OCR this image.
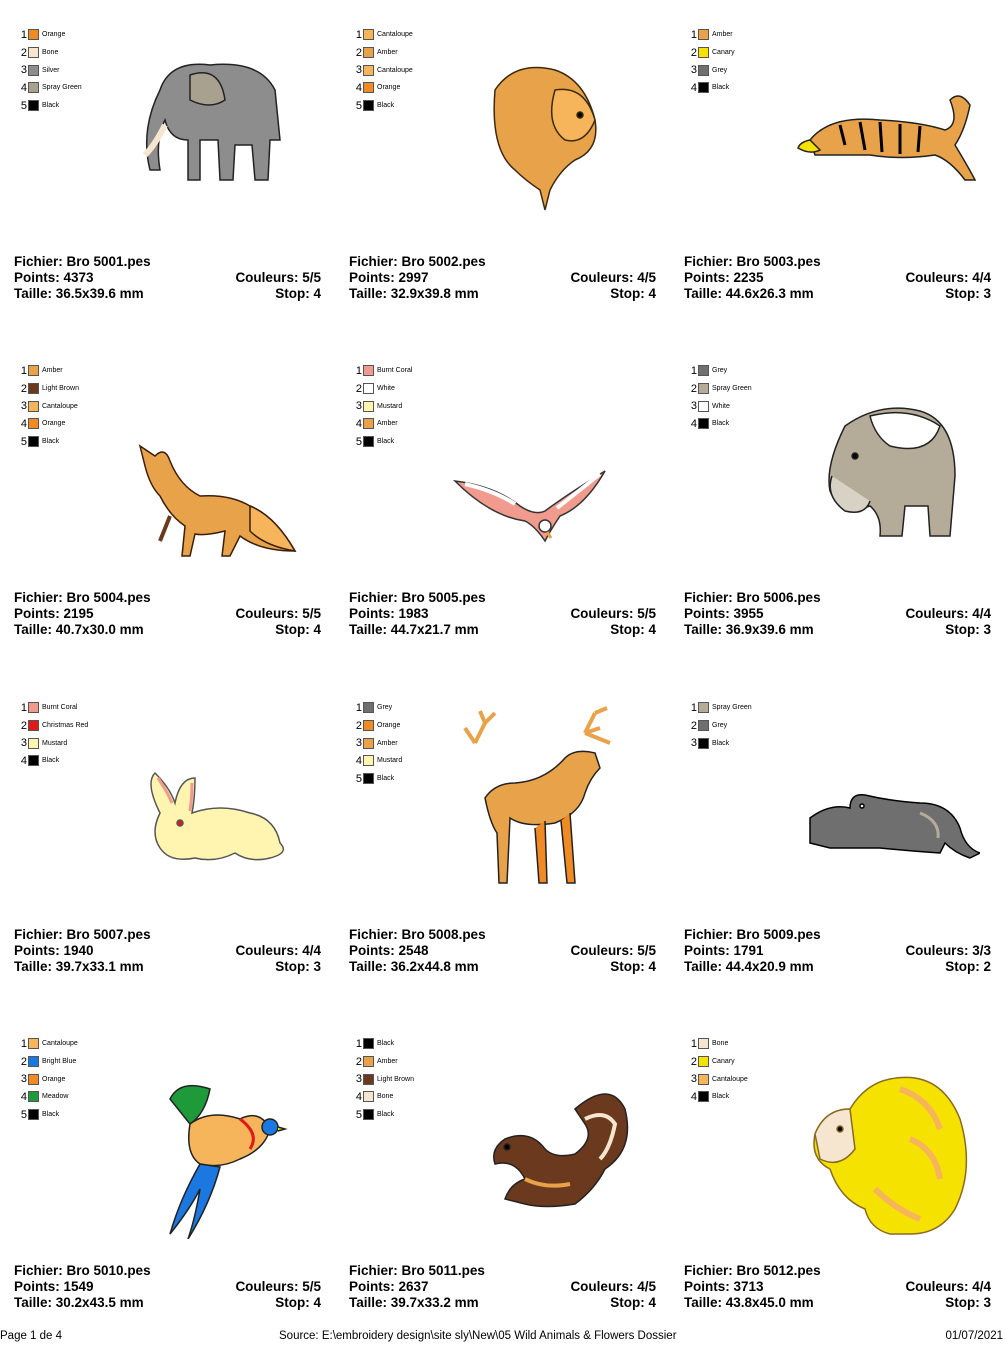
1 Orange
2 Bone
3 Silver
4 Spray Green
5 Black
Fichier: Bro 5001.pes
Points: 4373	Couleurs: 5/5
Taille: 36.5x39.6 mm	Stop: 4
1 Cantaloupe
2 Amber
3 Cantaloupe
4 Orange
5 Black
Fichier: Bro 5002.pes
Points: 2997	Couleurs: 4/5
Taille: 32.9x39.8 mm	Stop: 4
1 Amber
2 Canary
3 Grey
4 Black
Fichier: Bro 5003.pes
Points: 2235	Couleurs: 4/4
Taille: 44.6x26.3 mm	Stop: 3
1 Amber
2 Light Brown
3 Cantaloupe
4 Orange
5 Black
Fichier: Bro 5004.pes
Points: 2195	Couleurs: 5/5
Taille: 40.7x30.0 mm	Stop: 4
1 Burnt Coral
2 White
3 Mustard
4 Amber
5 Black
Fichier: Bro 5005.pes
Points: 1983	Couleurs: 5/5
Taille: 44.7x21.7 mm	Stop: 4
1 Grey
2 Spray Green
3 White
4 Black
Fichier: Bro 5006.pes
Points: 3955	Couleurs: 4/4
Taille: 36.9x39.6 mm	Stop: 3
1 Burnt Coral
2 Christmas Red
3 Mustard
4 Black
Fichier: Bro 5007.pes
Points: 1940	Couleurs: 4/4
Taille: 39.7x33.1 mm	Stop: 3
1 Grey
2 Orange
3 Amber
4 Mustard
5 Black
Fichier: Bro 5008.pes
Points: 2548	Couleurs: 5/5
Taille: 36.2x44.8 mm	Stop: 4
1 Spray Green
2 Grey
3 Black
Fichier: Bro 5009.pes
Points: 1791	Couleurs: 3/3
Taille: 44.4x20.9 mm	Stop: 2
1 Cantaloupe
2 Bright Blue
3 Orange
4 Meadow
5 Black
Fichier: Bro 5010.pes
Points: 1549	Couleurs: 5/5
Taille: 30.2x43.5 mm	Stop: 4
1 Black
2 Amber
3 Light Brown
4 Bone
5 Black
Fichier: Bro 5011.pes
Points: 2637	Couleurs: 4/5
Taille: 39.7x33.2 mm	Stop: 4
1 Bone
2 Canary
3 Cantaloupe
4 Black
Fichier: Bro 5012.pes
Points: 3713	Couleurs: 4/4
Taille: 43.8x45.0 mm	Stop: 3
Page 1 de 4	Source: E:\embroidery design\site sly\New\05 Wild Animals & Flowers Dossier	01/07/2021
